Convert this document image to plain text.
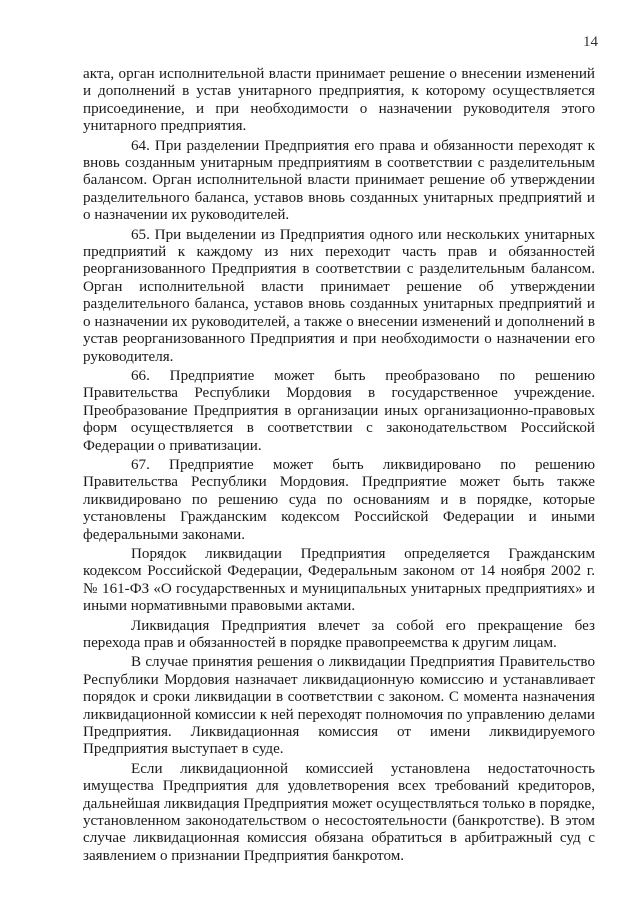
14

акта, орган исполнительной власти принимает решение о внесении изменений и дополнений в устав унитарного предприятия, к которому осуществляется присоединение, и при необходимости о назначении руководителя этого унитарного предприятия.

64. При разделении Предприятия его права и обязанности переходят к вновь созданным унитарным предприятиям в соответствии с разделительным балансом. Орган исполнительной власти принимает решение об утверждении разделительного баланса, уставов вновь созданных унитарных предприятий и о назначении их руководителей.

65. При выделении из Предприятия одного или нескольких унитарных предприятий к каждому из них переходит часть прав и обязанностей реорганизованного Предприятия в соответствии с разделительным балансом. Орган исполнительной власти принимает решение об утверждении разделительного баланса, уставов вновь созданных унитарных предприятий и о назначении их руководителей, а также о внесении изменений и дополнений в устав реорганизованного Предприятия и при необходимости о назначении его руководителя.

66. Предприятие может быть преобразовано по решению Правительства Республики Мордовия в государственное учреждение. Преобразование Предприятия в организации иных организационно-правовых форм осуществляется в соответствии с законодательством Российской Федерации о приватизации.

67. Предприятие может быть ликвидировано по решению Правительства Республики Мордовия. Предприятие может быть также ликвидировано по решению суда по основаниям и в порядке, которые установлены Гражданским кодексом Российской Федерации и иными федеральными законами.

Порядок ликвидации Предприятия определяется Гражданским кодексом Российской Федерации, Федеральным законом от 14 ноября 2002 г. № 161-ФЗ «О государственных и муниципальных унитарных предприятиях» и иными нормативными правовыми актами.

Ликвидация Предприятия влечет за собой его прекращение без перехода прав и обязанностей в порядке правопреемства к другим лицам.

В случае принятия решения о ликвидации Предприятия Правительство Республики Мордовия назначает ликвидационную комиссию и устанавливает порядок и сроки ликвидации в соответствии с законом. С момента назначения ликвидационной комиссии к ней переходят полномочия по управлению делами Предприятия. Ликвидационная комиссия от имени ликвидируемого Предприятия выступает в суде.

Если ликвидационной комиссией установлена недостаточность имущества Предприятия для удовлетворения всех требований кредиторов, дальнейшая ликвидация Предприятия может осуществляться только в порядке, установленном законодательством о несостоятельности (банкротстве). В этом случае ликвидационная комиссия обязана обратиться в арбитражный суд с заявлением о признании Предприятия банкротом.
